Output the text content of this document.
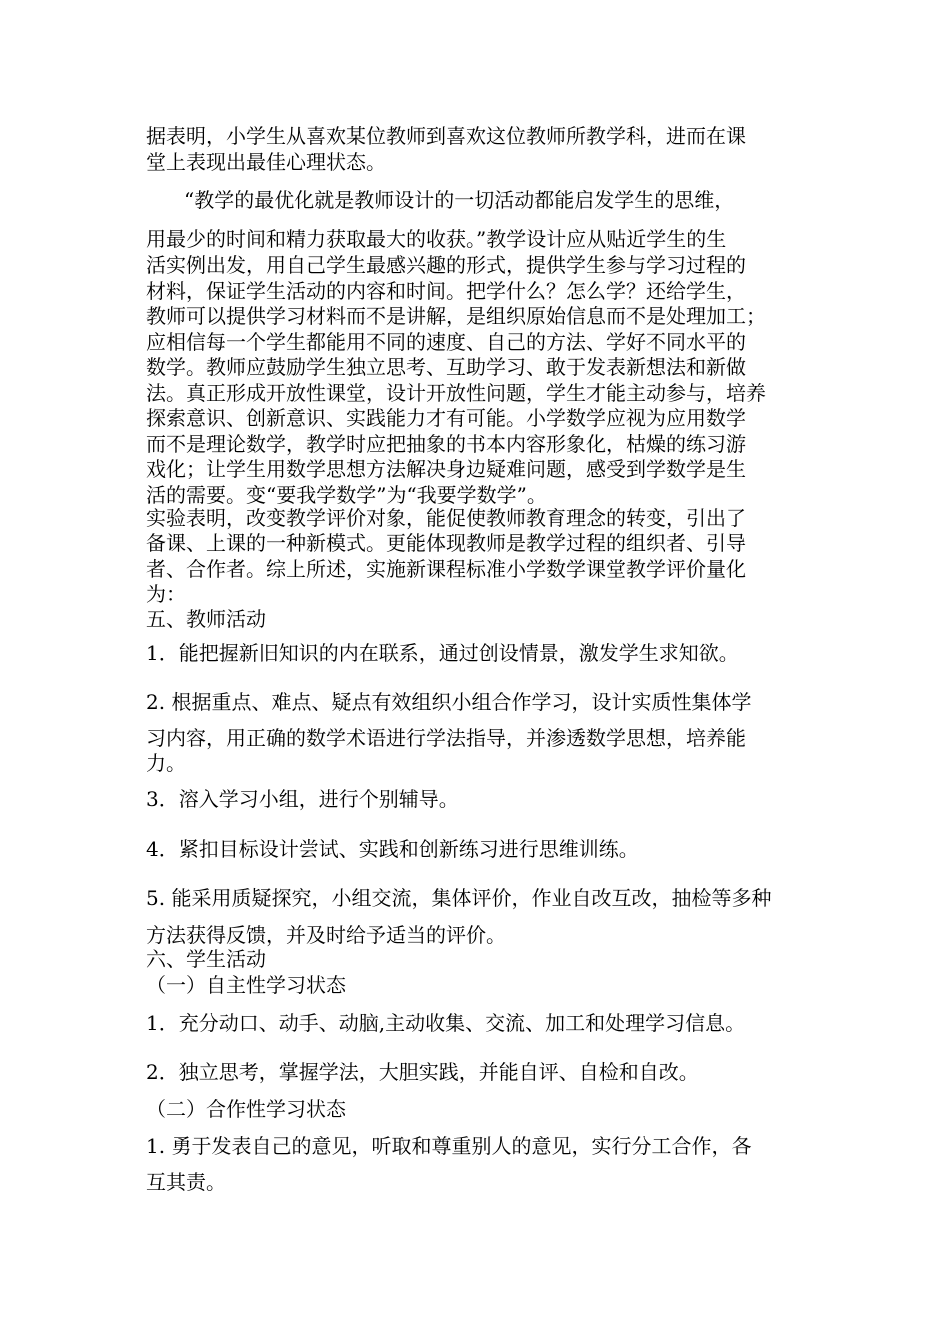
据表明，小学生从喜欢某位教师到喜欢这位教师所教学科，进而在课
堂上表现出最佳心理状态。
“教学的最优化就是教师设计的一切活动都能启发学生的思维，
用最少的时间和精力获取最大的收获。”教学设计应从贴近学生的生
活实例出发，用自己学生最感兴趣的形式，提供学生参与学习过程的
材料，保证学生活动的内容和时间。把学什么？怎么学？还给学生，
教师可以提供学习材料而不是讲解，是组织原始信息而不是处理加工；
应相信每一个学生都能用不同的速度、自己的方法、学好不同水平的
数学。教师应鼓励学生独立思考、互助学习、敢于发表新想法和新做
法。真正形成开放性课堂，设计开放性问题，学生才能主动参与，培养
探索意识、创新意识、实践能力才有可能。小学数学应视为应用数学
而不是理论数学，教学时应把抽象的书本内容形象化，枯燥的练习游
戏化；让学生用数学思想方法解决身边疑难问题，感受到学数学是生
活的需要。变“要我学数学”为“我要学数学”。
实验表明，改变教学评价对象，能促使教师教育理念的转变，引出了
备课、上课的一种新模式。更能体现教师是教学过程的组织者、引导
者、合作者。综上所述，实施新课程标准小学数学课堂教学评价量化
为：
五、教师活动
1．能把握新旧知识的内在联系，通过创设情景，激发学生求知欲。
2. 根据重点、难点、疑点有效组织小组合作学习，设计实质性集体学
习内容，用正确的数学术语进行学法指导，并渗透数学思想，培养能
力。
3．溶入学习小组，进行个别辅导。
4．紧扣目标设计尝试、实践和创新练习进行思维训练。
5. 能采用质疑探究，小组交流，集体评价，作业自改互改，抽检等多种
方法获得反馈，并及时给予适当的评价。
六、学生活动
（一）自主性学习状态
1．充分动口、动手、动脑,主动收集、交流、加工和处理学习信息。
2．独立思考，掌握学法，大胆实践，并能自评、自检和自改。
（二）合作性学习状态
1. 勇于发表自己的意见，听取和尊重别人的意见，实行分工合作，各
互其责。
